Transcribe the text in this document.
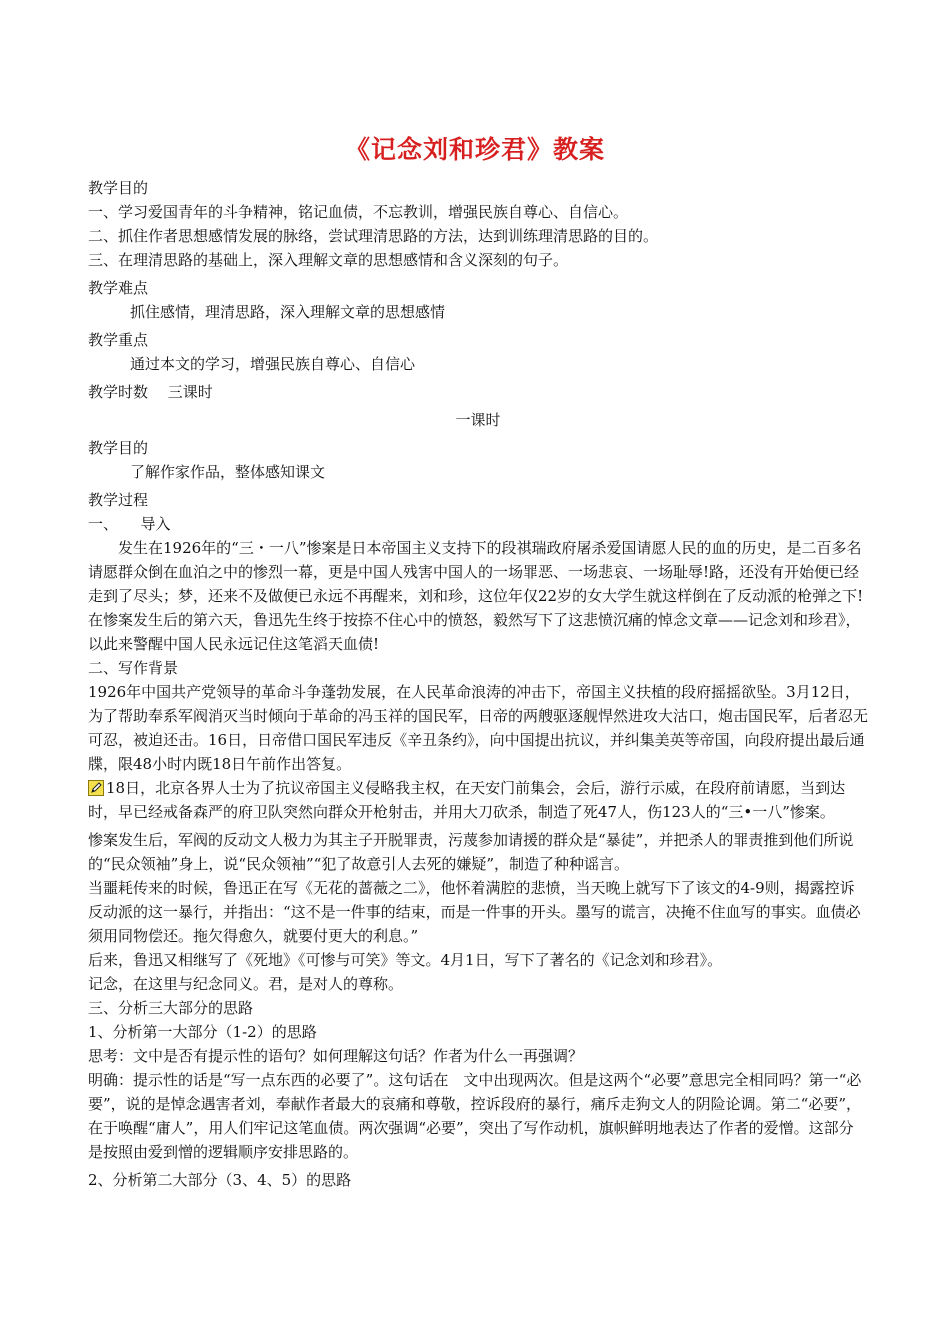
《记念刘和珍君》教案

教学目的

一、学习爱国青年的斗争精神，铭记血债，不忘教训，增强民族自尊心、自信心。

二、抓住作者思想感情发展的脉络，尝试理清思路的方法，达到训练理清思路的目的。

三、在理清思路的基础上，深入理解文章的思想感情和含义深刻的句子。

教学难点

抓住感情，理清思路，深入理解文章的思想感情

教学重点

通过本文的学习，增强民族自尊心、自信心

教学时数　 三课时

一课时

教学目的

了解作家作品，整体感知课文

教学过程

一、　　导入

发生在1926年的“三・一八”惨案是日本帝国主义支持下的段祺瑞政府屠杀爱国请愿人民的血的历史，是二百多名请愿群众倒在血泊之中的惨烈一幕，更是中国人残害中国人的一场罪恶、一场悲哀、一场耻辱!路，还没有开始便已经走到了尽头；梦，还来不及做便已永远不再醒来，刘和珍，这位年仅22岁的女大学生就这样倒在了反动派的枪弹之下!在惨案发生后的第六天，鲁迅先生终于按捺不住心中的愤怒，毅然写下了这悲愤沉痛的悼念文章——记念刘和珍君》，以此来警醒中国人民永远记住这笔滔天血债!

二、写作背景

1926年中国共产党领导的革命斗争蓬勃发展，在人民革命浪涛的冲击下，帝国主义扶植的段府摇摇欲坠。3月12日，为了帮助奉系军阀消灭当时倾向于革命的冯玉祥的国民军，日帝的两艘驱逐舰悍然进攻大沽口，炮击国民军，后者忍无可忍，被迫还击。16日，日帝借口国民军违反《辛丑条约》，向中国提出抗议，并纠集美英等帝国，向段府提出最后通牒，限48小时内既18日午前作出答复。

18日，北京各界人士为了抗议帝国主义侵略我主权，在天安门前集会，会后，游行示威，在段府前请愿，当到达时，早已经戒备森严的府卫队突然向群众开枪射击，并用大刀砍杀，制造了死47人，伤123人的“三•一八”惨案。

惨案发生后，军阀的反动文人极力为其主子开脱罪责，污蔑参加请援的群众是“暴徒”，并把杀人的罪责推到他们所说的“民众领袖”身上，说“民众领袖”“犯了故意引人去死的嫌疑”，制造了种种谣言。

当噩耗传来的时候，鲁迅正在写《无花的蔷薇之二》，他怀着满腔的悲愤，当天晚上就写下了该文的4-9则，揭露控诉反动派的这一暴行，并指出：“这不是一件事的结束，而是一件事的开头。墨写的谎言，决掩不住血写的事实。血债必须用同物偿还。拖欠得愈久，就要付更大的利息。”

后来，鲁迅又相继写了《死地》《可惨与可笑》等文。4月1日，写下了著名的《记念刘和珍君》。

记念，在这里与纪念同义。君，是对人的尊称。

三、分析三大部分的思路

1、分析第一大部分（1-2）的思路

思考：文中是否有提示性的语句？如何理解这句话？作者为什么一再强调？

明确：提示性的话是“写一点东西的必要了”。这句话在　文中出现两次。但是这两个“必要”意思完全相同吗？第一“必要”，说的是悼念遇害者刘，奉献作者最大的哀痛和尊敬，控诉段府的暴行，痛斥走狗文人的阴险论调。第二“必要”，在于唤醒“庸人”，用人们牢记这笔血债。两次强调“必要”，突出了写作动机，旗帜鲜明地表达了作者的爱憎。这部分是按照由爱到憎的逻辑顺序安排思路的。

2、分析第二大部分（3、4、5）的思路
